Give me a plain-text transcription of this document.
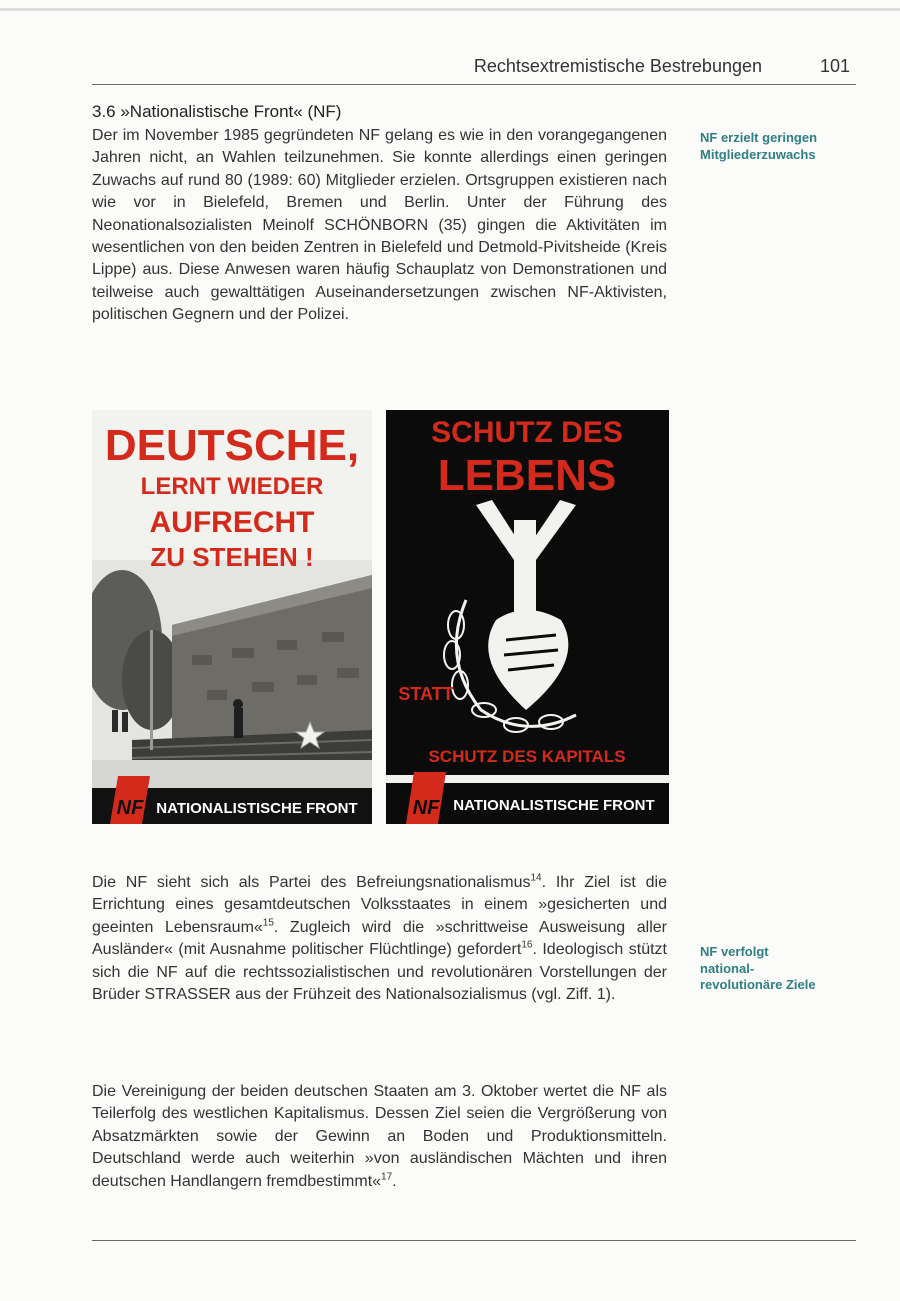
Rechtsextremistische Bestrebungen	101
3.6 »Nationalistische Front« (NF)

Der im November 1985 gegründeten NF gelang es wie in den vorangegangenen Jahren nicht, an Wahlen teilzunehmen. Sie konnte allerdings einen geringen Zuwachs auf rund 80 (1989: 60) Mitglieder erzielen. Ortsgruppen existieren nach wie vor in Bielefeld, Bremen und Berlin. Unter der Führung des Neonationalsozialisten Meinolf SCHÖNBORN (35) gingen die Aktivitäten im wesentlichen von den beiden Zentren in Bielefeld und Detmold-Pivitsheide (Kreis Lippe) aus. Diese Anwesen waren häufig Schauplatz von Demonstrationen und teilweise auch gewalttätigen Auseinandersetzungen zwischen NF-Aktivisten, politischen Gegnern und der Polizei.

NF erzielt geringen Mitgliederzuwachs
DEUTSCHE,
LERNT WIEDER
AUFRECHT
ZU STEHEN !
NF NATIONALISTISCHE FRONT
SCHUTZ DES
LEBENS
STATT
SCHUTZ DES KAPITALS
NF NATIONALISTISCHE FRONT

Die NF sieht sich als Partei des Befreiungsnationalismus$^{14}$. Ihr Ziel ist die Errichtung eines gesamtdeutschen Volksstaates in einem »gesicherten und geeinten Lebensraum«$^{15}$. Zugleich wird die »schrittweise Ausweisung aller Ausländer« (mit Ausnahme politischer Flüchtlinge) gefordert$^{16}$. Ideologisch stützt sich die NF auf die rechtssozialistischen und revolutionären Vorstellungen der Brüder STRASSER aus der Frühzeit des Nationalsozialismus (vgl. Ziff. 1).

NF verfolgt national-revolutionäre Ziele

Die Vereinigung der beiden deutschen Staaten am 3. Oktober wertet die NF als Teilerfolg des westlichen Kapitalismus. Dessen Ziel seien die Vergrößerung von Absatzmärkten sowie der Gewinn an Boden und Produktionsmitteln. Deutschland werde auch weiterhin »von ausländischen Mächten und ihren deutschen Handlangern fremdbestimmt«$^{17}$.
